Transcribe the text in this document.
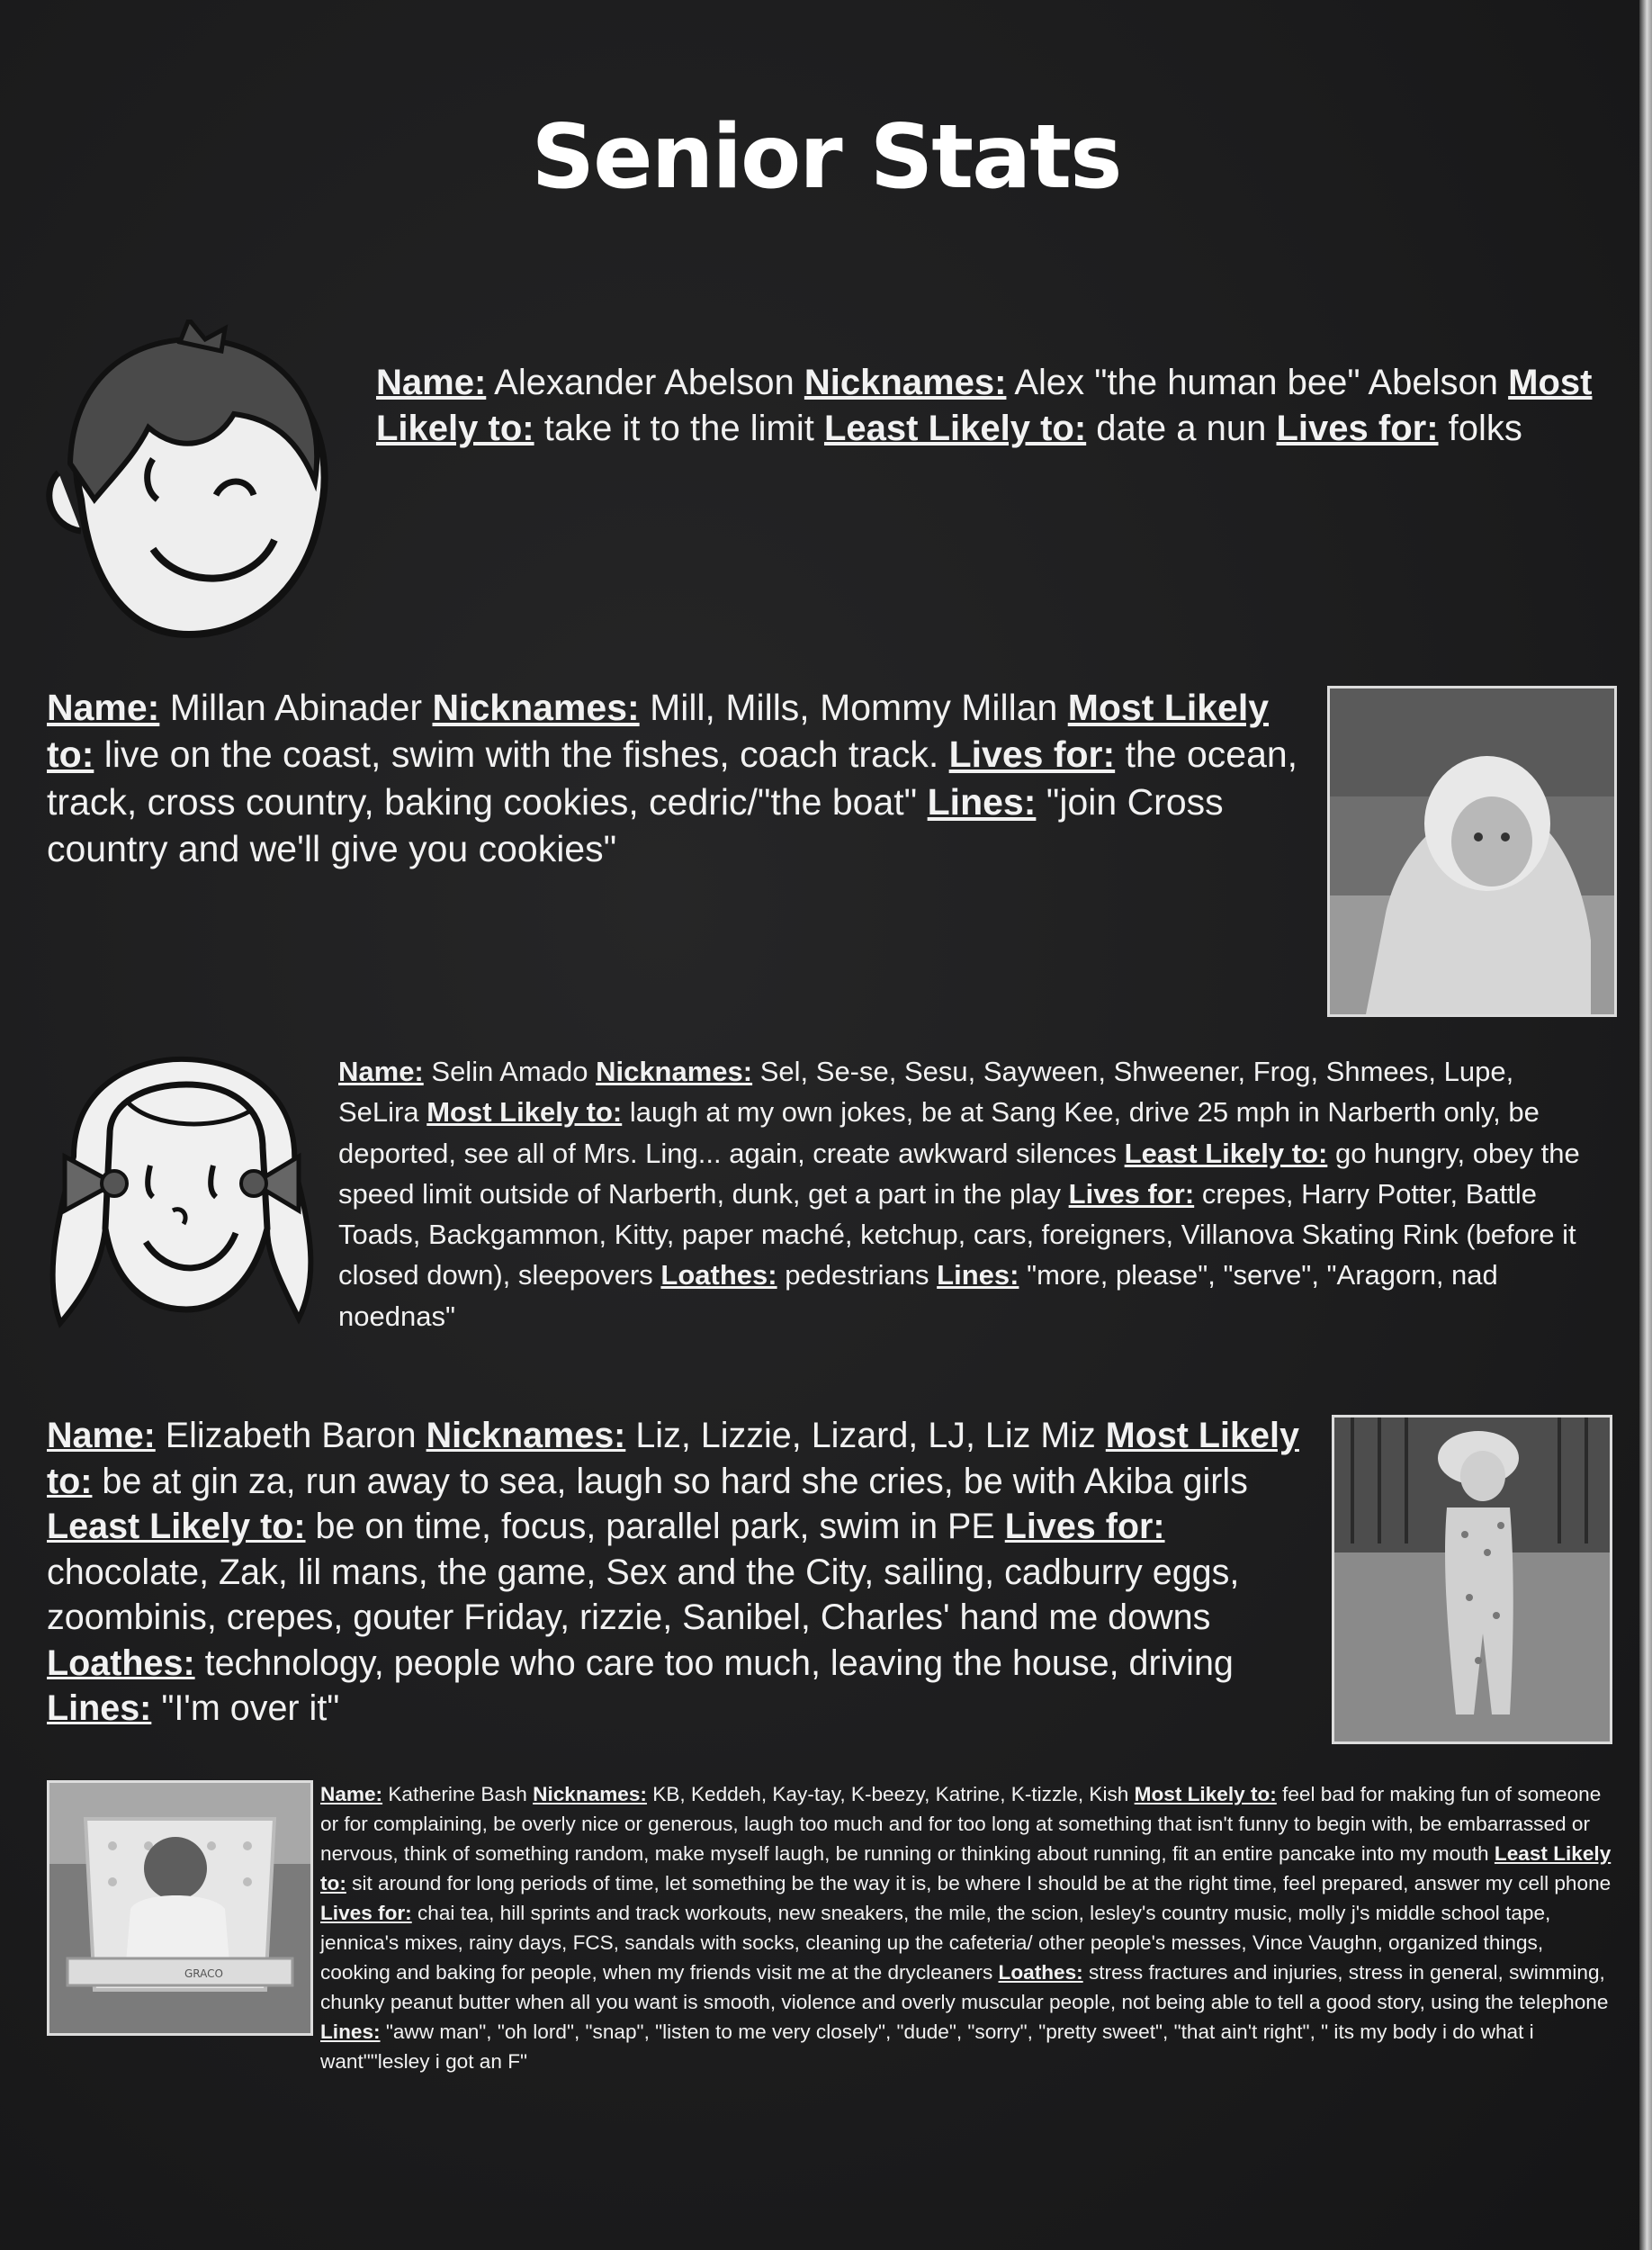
Senior Stats
Name: Alexander Abelson Nicknames: Alex "the human bee" Abelson Most Likely to: take it to the limit Least Likely to: date a nun Lives for: folks
Name: Millan Abinader Nicknames: Mill, Mills, Mommy Millan Most Likely to: live on the coast, swim with the fishes, coach track. Lives for: the ocean, track, cross country, baking cookies, cedric/"the boat" Lines: "join Cross country and we'll give you cookies"
Name: Selin Amado Nicknames: Sel, Se-se, Sesu, Sayween, Shweener, Frog, Shmees, Lupe, SeLira Most Likely to: laugh at my own jokes, be at Sang Kee, drive 25 mph in Narberth only, be deported, see all of Mrs. Ling... again, create awkward silences Least Likely to: go hungry, obey the speed limit outside of Narberth, dunk, get a part in the play Lives for: crepes, Harry Potter, Battle Toads, Backgammon, Kitty, paper maché, ketchup, cars, foreigners, Villanova Skating Rink (before it closed down), sleepovers Loathes: pedestrians Lines: "more, please", "serve", "Aragorn, nad noednas"
Name: Elizabeth Baron Nicknames: Liz, Lizzie, Lizard, LJ, Liz Miz Most Likely to: be at gin za, run away to sea, laugh so hard she cries, be with Akiba girls Least Likely to: be on time, focus, parallel park, swim in PE Lives for: chocolate, Zak, lil mans, the game, Sex and the City, sailing, cadburry eggs, zoombinis, crepes, gouter Friday, rizzie, Sanibel, Charles' hand me downs Loathes: technology, people who care too much, leaving the house, driving Lines: "I'm over it"
GRACO
Name: Katherine Bash Nicknames: KB, Keddeh, Kay-tay, K-beezy, Katrine, K-tizzle, Kish Most Likely to: feel bad for making fun of someone or for complaining, be overly nice or generous, laugh too much and for too long at something that isn't funny to begin with, be embarrassed or nervous, think of something random, make myself laugh, be running or thinking about running, fit an entire pancake into my mouth Least Likely to: sit around for long periods of time, let something be the way it is, be where I should be at the right time, feel prepared, answer my cell phone Lives for: chai tea, hill sprints and track workouts, new sneakers, the mile, the scion, lesley's country music, molly j's middle school tape, jennica's mixes, rainy days, FCS, sandals with socks, cleaning up the cafeteria/ other people's messes, Vince Vaughn, organized things, cooking and baking for people, when my friends visit me at the drycleaners Loathes: stress fractures and injuries, stress in general, swimming, chunky peanut butter when all you want is smooth, violence and overly muscular people, not being able to tell a good story, using the telephone Lines: "aww man", "oh lord", "snap", "listen to me very closely", "dude", "sorry", "pretty sweet", "that ain't right", " its my body i do what i want""lesley i got an F"
